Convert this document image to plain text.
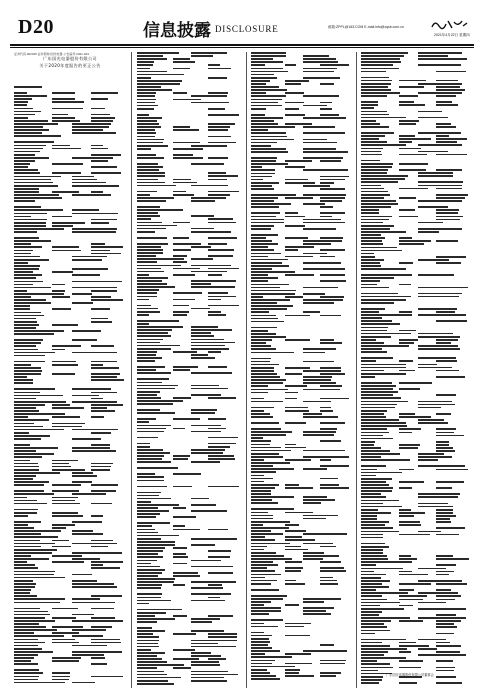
D20	信息披露 DISCLOSURE	邮箱:ZPPL@163.COM E-mail:info@zqsb.com.cn
2021年4月22日 星期四
证券代码:002045 证券简称:国光电器 公告编号:2021-043
广东国光电器股份有限公司
关于2020年度报告的更正公告
广东国光电器股份有限公司董事会
